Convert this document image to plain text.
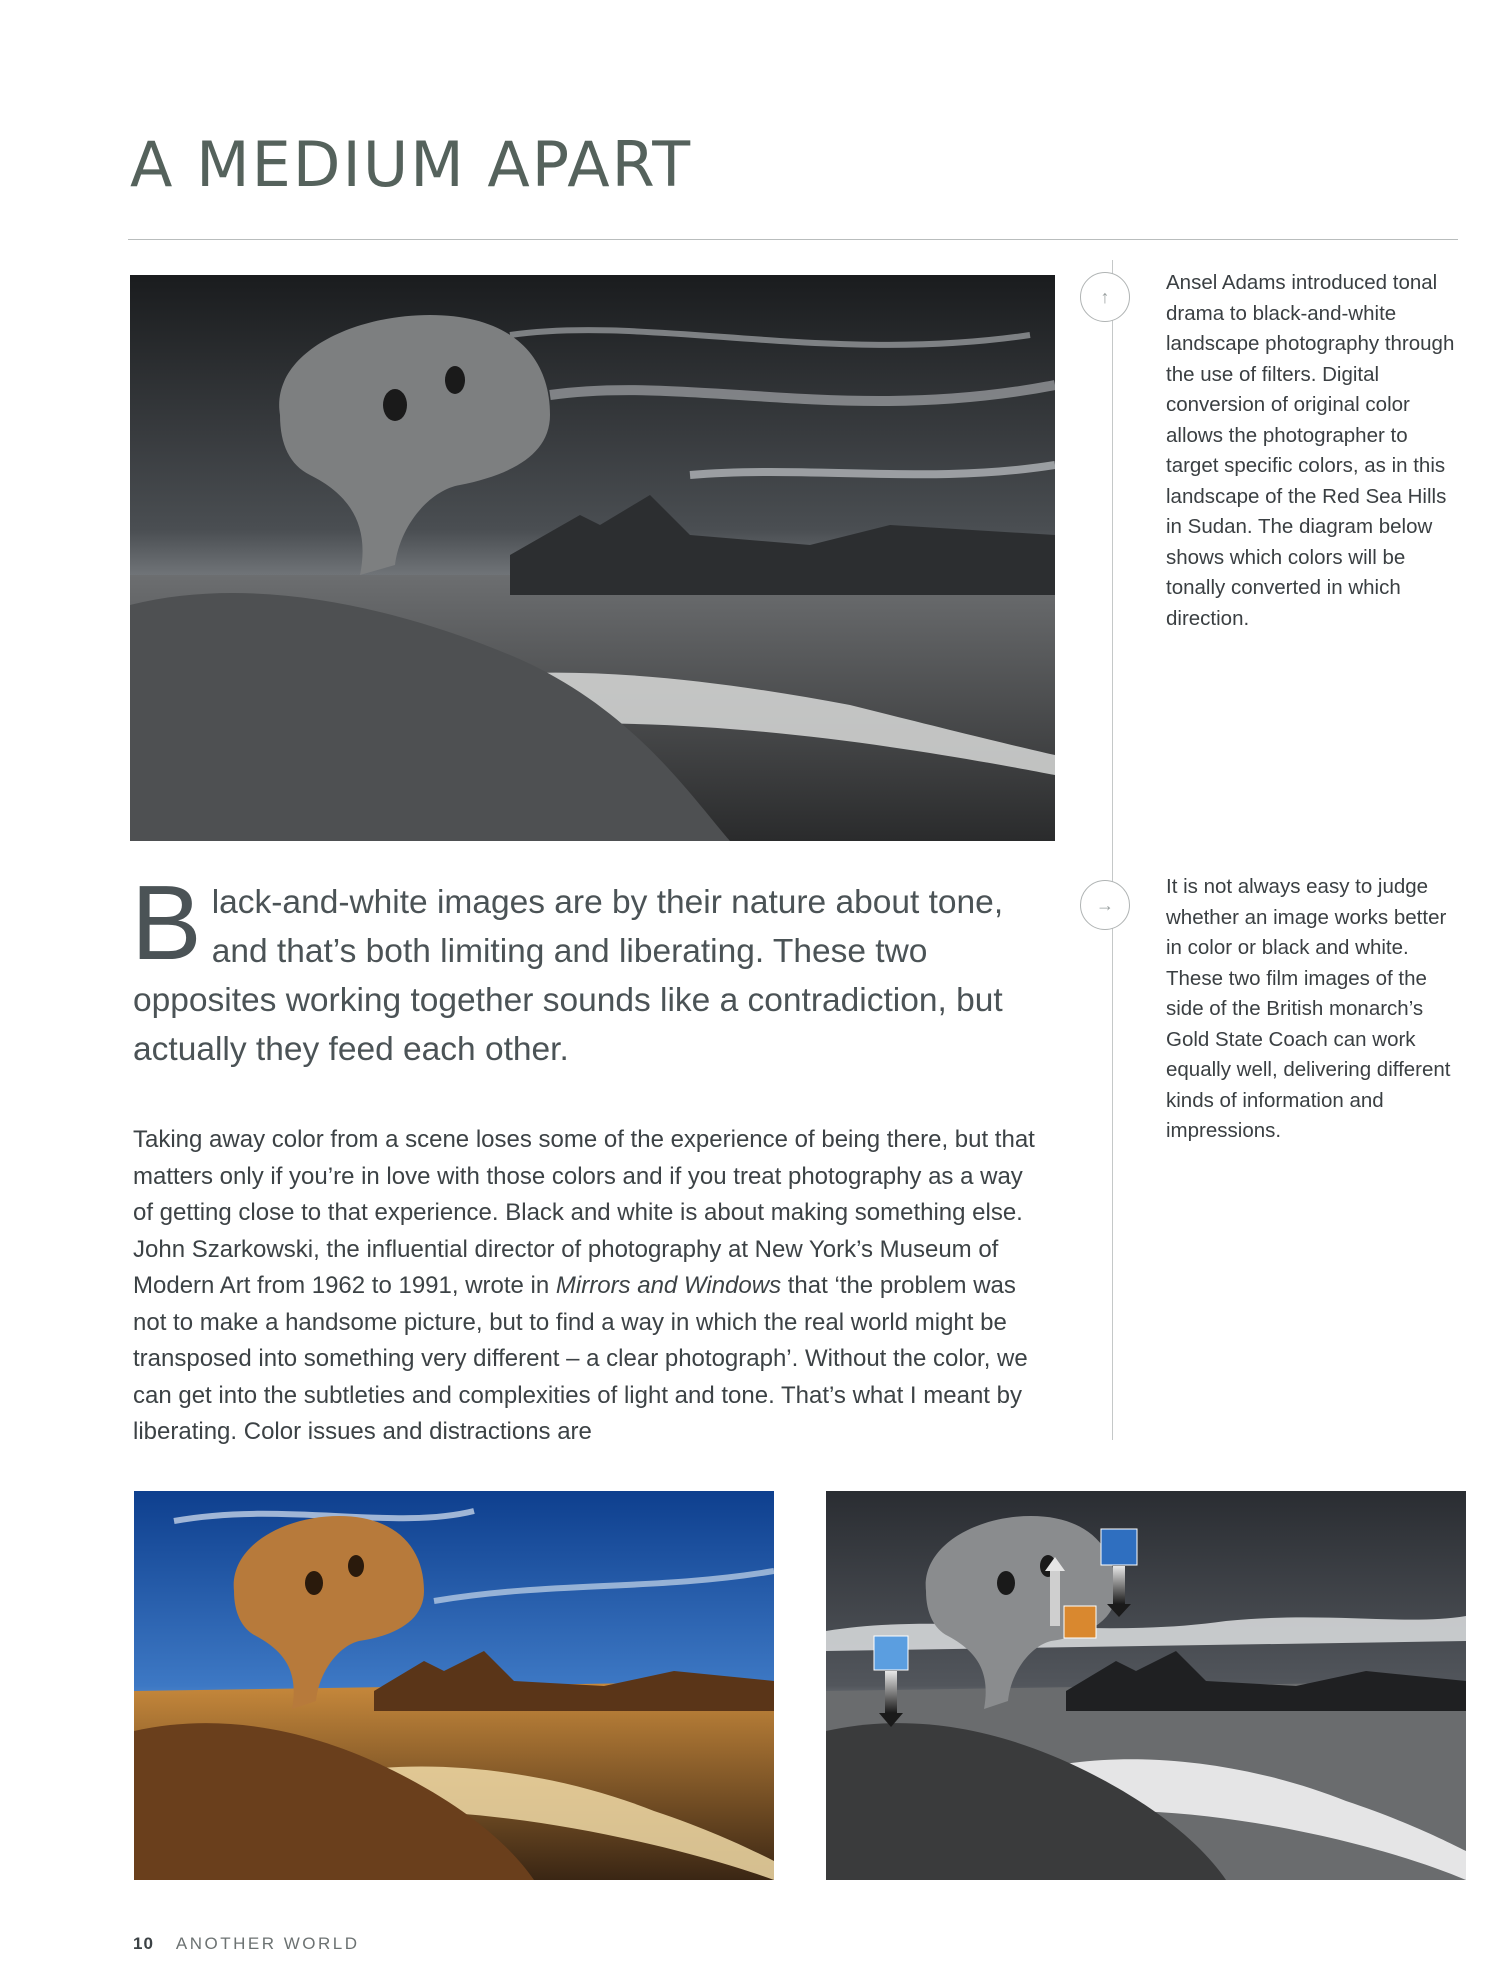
A MEDIUM APART
↑

Ansel Adams introduced tonal drama to black-and-white landscape photography through the use of filters. Digital conversion of original color allows the photographer to target specific colors, as in this landscape of the Red Sea Hills in Sudan. The diagram below shows which colors will be tonally converted in which direction.

→

It is not always easy to judge whether an image works better in color or black and white. These two film images of the side of the British monarch’s Gold State Coach can work equally well, delivering different kinds of information and impressions.

Black-and-white images are by their nature about tone, and that’s both limiting and liberating. These two opposites working together sounds like a contradiction, but actually they feed each other.

Taking away color from a scene loses some of the experience of being there, but that matters only if you’re in love with those colors and if you treat photography as a way of getting close to that experience. Black and white is about making something else. John Szarkowski, the influential director of photography at New York’s Museum of Modern Art from 1962 to 1991, wrote in Mirrors and Windows that ‘the problem was not to make a handsome picture, but to find a way in which the real world might be transposed into something very different – a clear photograph’. Without the color, we can get into the subtleties and complexities of light and tone. That’s what I meant by liberating. Color issues and distractions are

10 ANOTHER WORLD
